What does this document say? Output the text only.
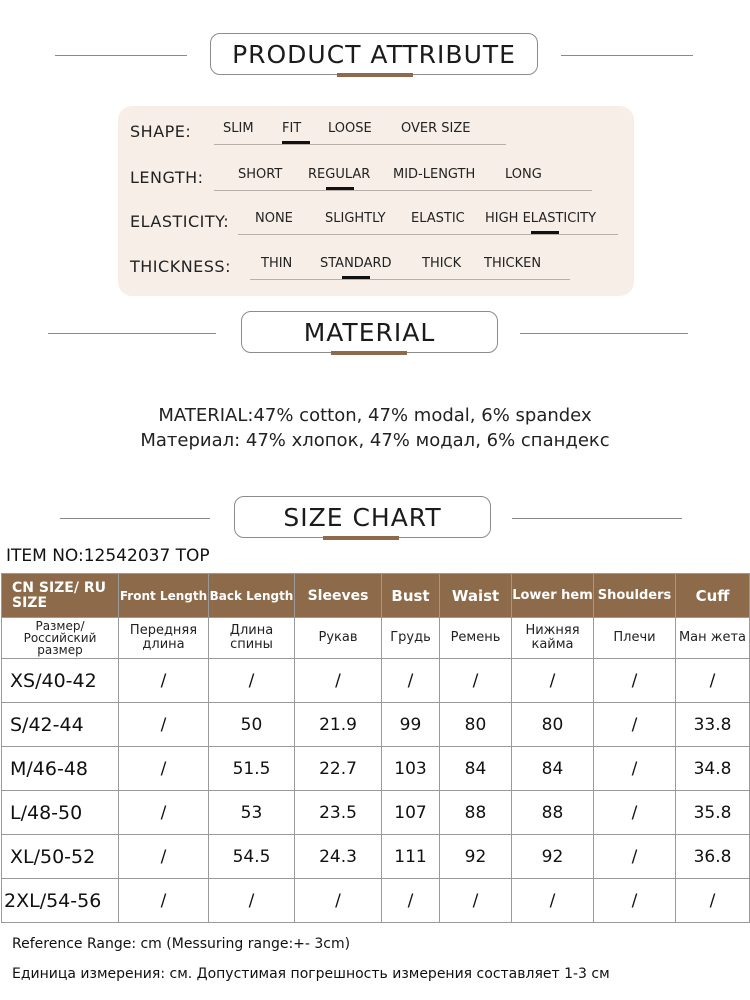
PRODUCT ATTRIBUTE
SHAPE: SLIM FIT LOOSE OVER SIZE
LENGTH:	SHORT REGULAR MID-LENGTH LONG
ELASTICITY: NONE SLIGHTLY ELASTIC HIGH ELASTICITY
THICKNESS: THIN STANDARD THICK THICKEN
MATERIAL
MATERIAL:47% cotton, 47% modal, 6% spandex
Материал: 47% хлопок, 47% модал, 6% спандекс
SIZE CHART
ITEM NO:12542037 TOP
CN SIZE/ RU SIZE	Front Length	Back Length	Sleeves	Bust	Waist	Lower hem	Shoulders	Cuff
Размер/ Российский размер	Передняя длина	Длина спины	Рукав	Грудь	Ремень	Нижняя кайма	Плечи	Ман жета
XS/40-42	/	/	/	/	/	/	/	/
S/42-44	/	50	21.9	99	80	80	/	33.8
M/46-48	/	51.5	22.7	103	84	84	/	34.8
L/48-50	/	53	23.5	107	88	88	/	35.8
XL/50-52	/	54.5	24.3	111	92	92	/	36.8
2XL/54-56	/	/	/	/	/	/	/	/
Reference Range: cm (Messuring range:+- 3cm)
Единица измерения: см. Допустимая погрешность измерения составляет 1-3 см
